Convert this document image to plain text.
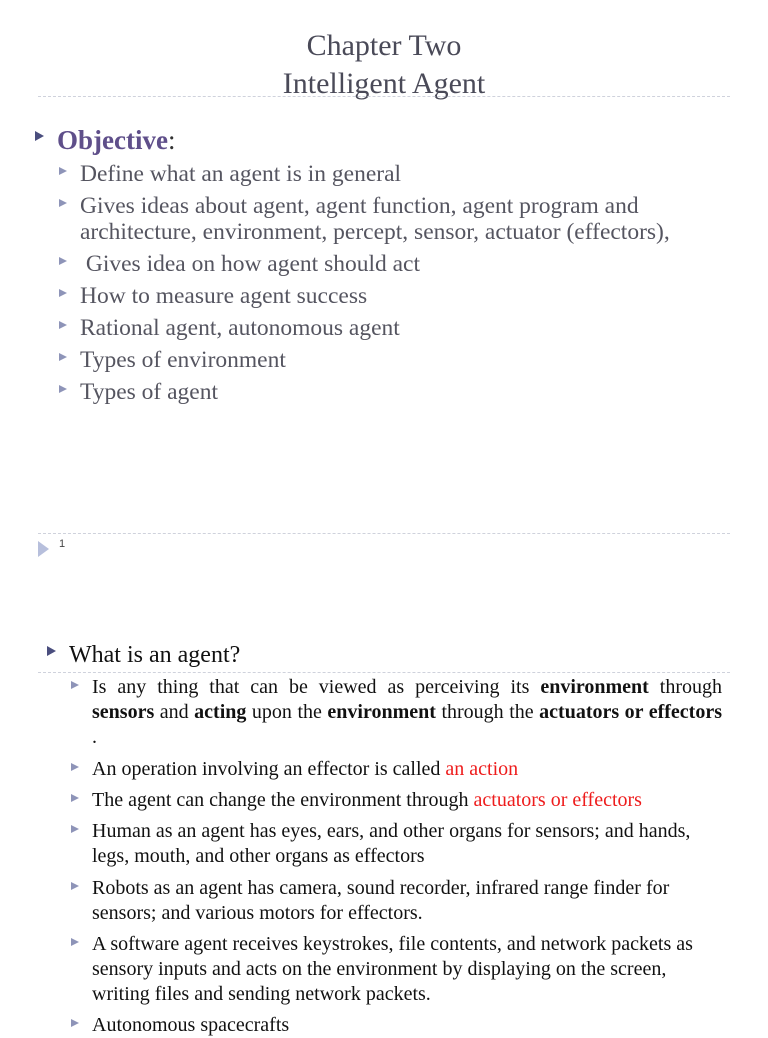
Chapter Two
Intelligent Agent
Objective:
Define what an agent is in general
Gives ideas about agent, agent function, agent program and architecture, environment, percept, sensor, actuator (effectors),
Gives idea on how agent should act
How to measure agent success
Rational agent, autonomous agent
Types of environment
Types of agent
1
What is an agent?
Is any thing that can be viewed as perceiving its environment through sensors and acting upon the environment through the actuators or effectors .
An operation involving an effector is called an action
The agent can change the environment through actuators or effectors
Human as an agent has eyes, ears, and other organs for sensors; and hands, legs, mouth, and other organs as effectors
Robots as an agent has camera, sound recorder, infrared range finder for sensors; and various motors for effectors.
A software agent receives keystrokes, file contents, and network packets as sensory inputs and acts on the environment by displaying on the screen, writing files and sending network packets.
Autonomous spacecrafts
